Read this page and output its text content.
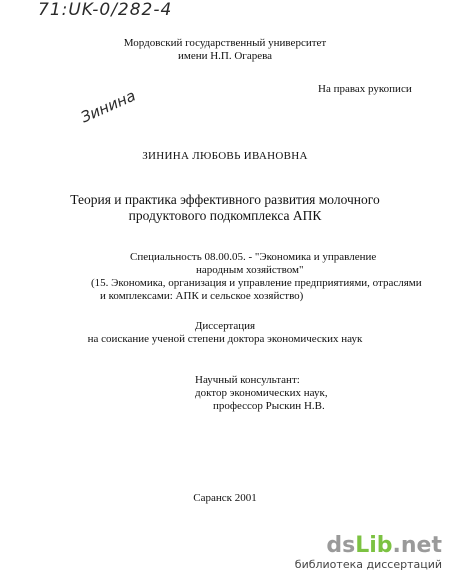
71:UK-0/282-4
Мордовский государственный университет
имени Н.П. Огарева
На правах рукописи
Зинина
ЗИНИНА ЛЮБОВЬ ИВАНОВНА
Теория и практика эффективного развития молочного
продуктового подкомплекса АПК
Специальность 08.00.05. - "Экономика и управление
народным хозяйством"
(15. Экономика, организация и управление предприятиями, отраслями
и комплексами: АПК и сельское хозяйство)
Диссертация
на соискание ученой степени доктора экономических наук
Научный консультант:
доктор экономических наук,
профессор Рыскин Н.В.
Саранск 2001
dsLib.net
библиотека диссертаций
